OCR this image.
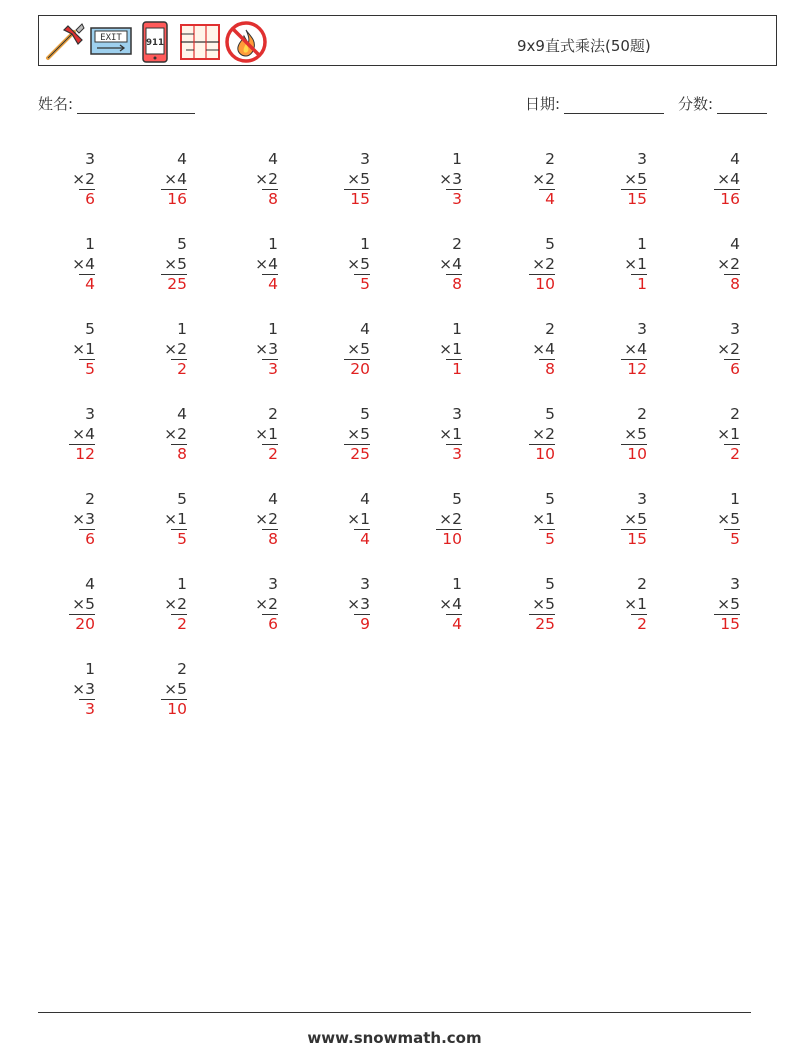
EXIT	911	9x9直式乘法(50题)
姓名:	日期:	分数:
3
×2
6
4
×4
16
4
×2
8
3
×5
15
1
×3
3
2
×2
4
3
×5
15
4
×4
16
1
×4
4
5
×5
25
1
×4
4
1
×5
5
2
×4
8
5
×2
10
1
×1
1
4
×2
8
5
×1
5
1
×2
2
1
×3
3
4
×5
20
1
×1
1
2
×4
8
3
×4
12
3
×2
6
3
×4
12
4
×2
8
2
×1
2
5
×5
25
3
×1
3
5
×2
10
2
×5
10
2
×1
2
2
×3
6
5
×1
5
4
×2
8
4
×1
4
5
×2
10
5
×1
5
3
×5
15
1
×5
5
4
×5
20
1
×2
2
3
×2
6
3
×3
9
1
×4
4
5
×5
25
2
×1
2
3
×5
15
1
×3
3
2
×5
10
www.snowmath.com
